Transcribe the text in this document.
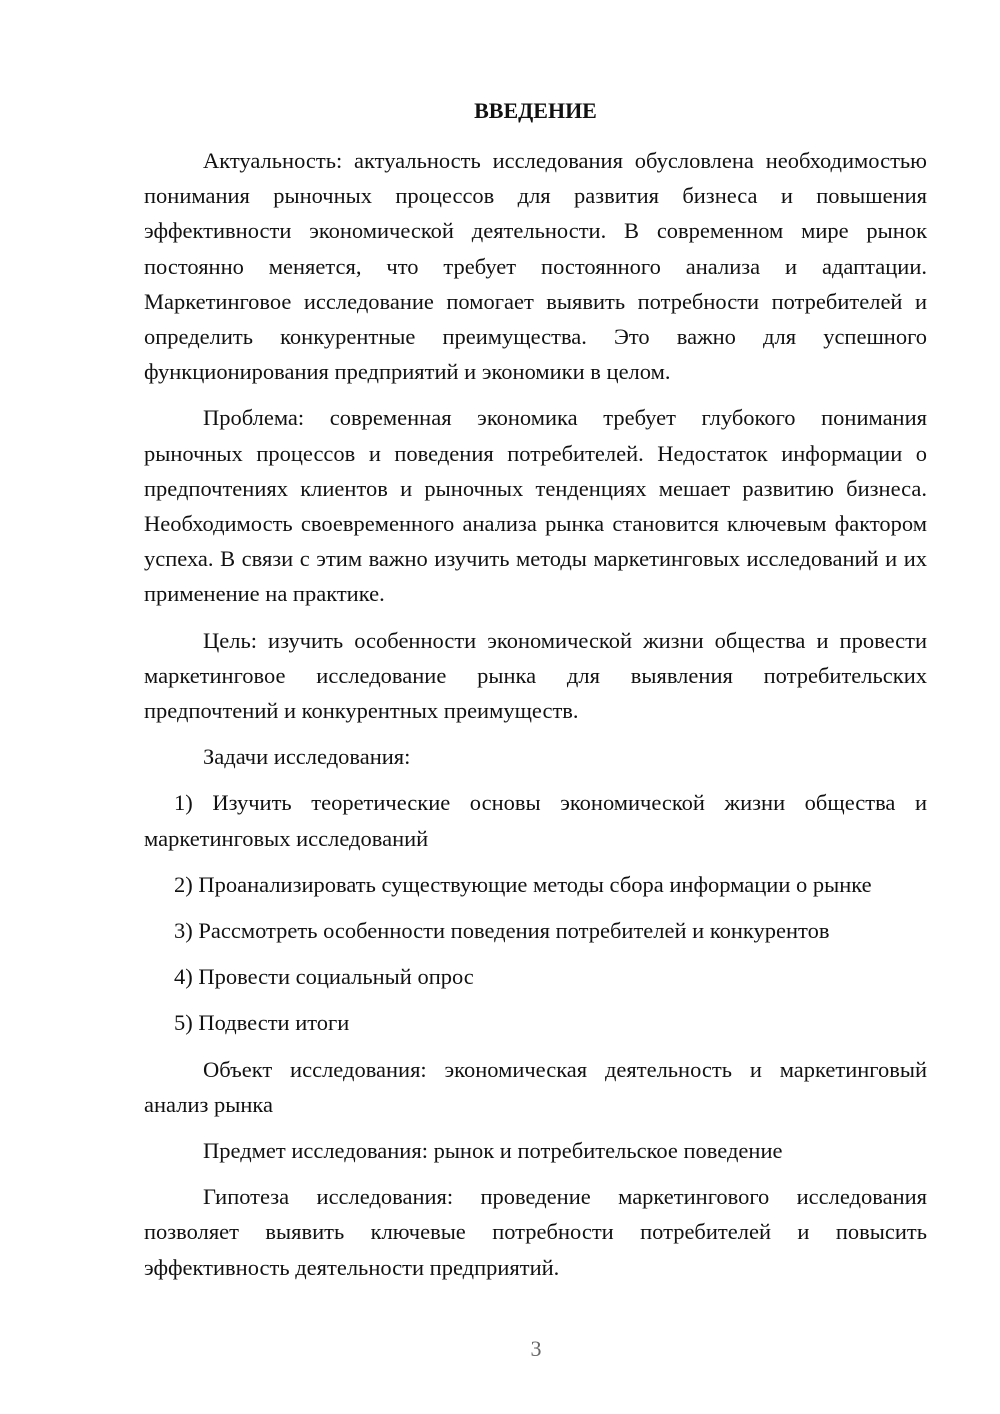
ВВЕДЕНИЕ

Актуальность: актуальность исследования обусловлена необходимостью понимания рыночных процессов для развития бизнеса и повышения эффективности экономической деятельности. В современном мире рынок постоянно меняется, что требует постоянного анализа и адаптации. Маркетинговое исследование помогает выявить потребности потребителей и определить конкурентные преимущества. Это важно для успешного функционирования предприятий и экономики в целом.

Проблема: современная экономика требует глубокого понимания рыночных процессов и поведения потребителей. Недостаток информации о предпочтениях клиентов и рыночных тенденциях мешает развитию бизнеса. Необходимость своевременного анализа рынка становится ключевым фактором успеха. В связи с этим важно изучить методы маркетинговых исследований и их применение на практике.

Цель: изучить особенности экономической жизни общества и провести маркетинговое исследование рынка для выявления потребительских предпочтений и конкурентных преимуществ.

Задачи исследования:

1) Изучить теоретические основы экономической жизни общества и маркетинговых исследований

2) Проанализировать существующие методы сбора информации о рынке

3) Рассмотреть особенности поведения потребителей и конкурентов

4) Провести социальный опрос

5) Подвести итоги

Объект исследования: экономическая деятельность и маркетинговый анализ рынка

Предмет исследования: рынок и потребительское поведение

Гипотеза исследования: проведение маркетингового исследования позволяет выявить ключевые потребности потребителей и повысить эффективность деятельности предприятий.

3
